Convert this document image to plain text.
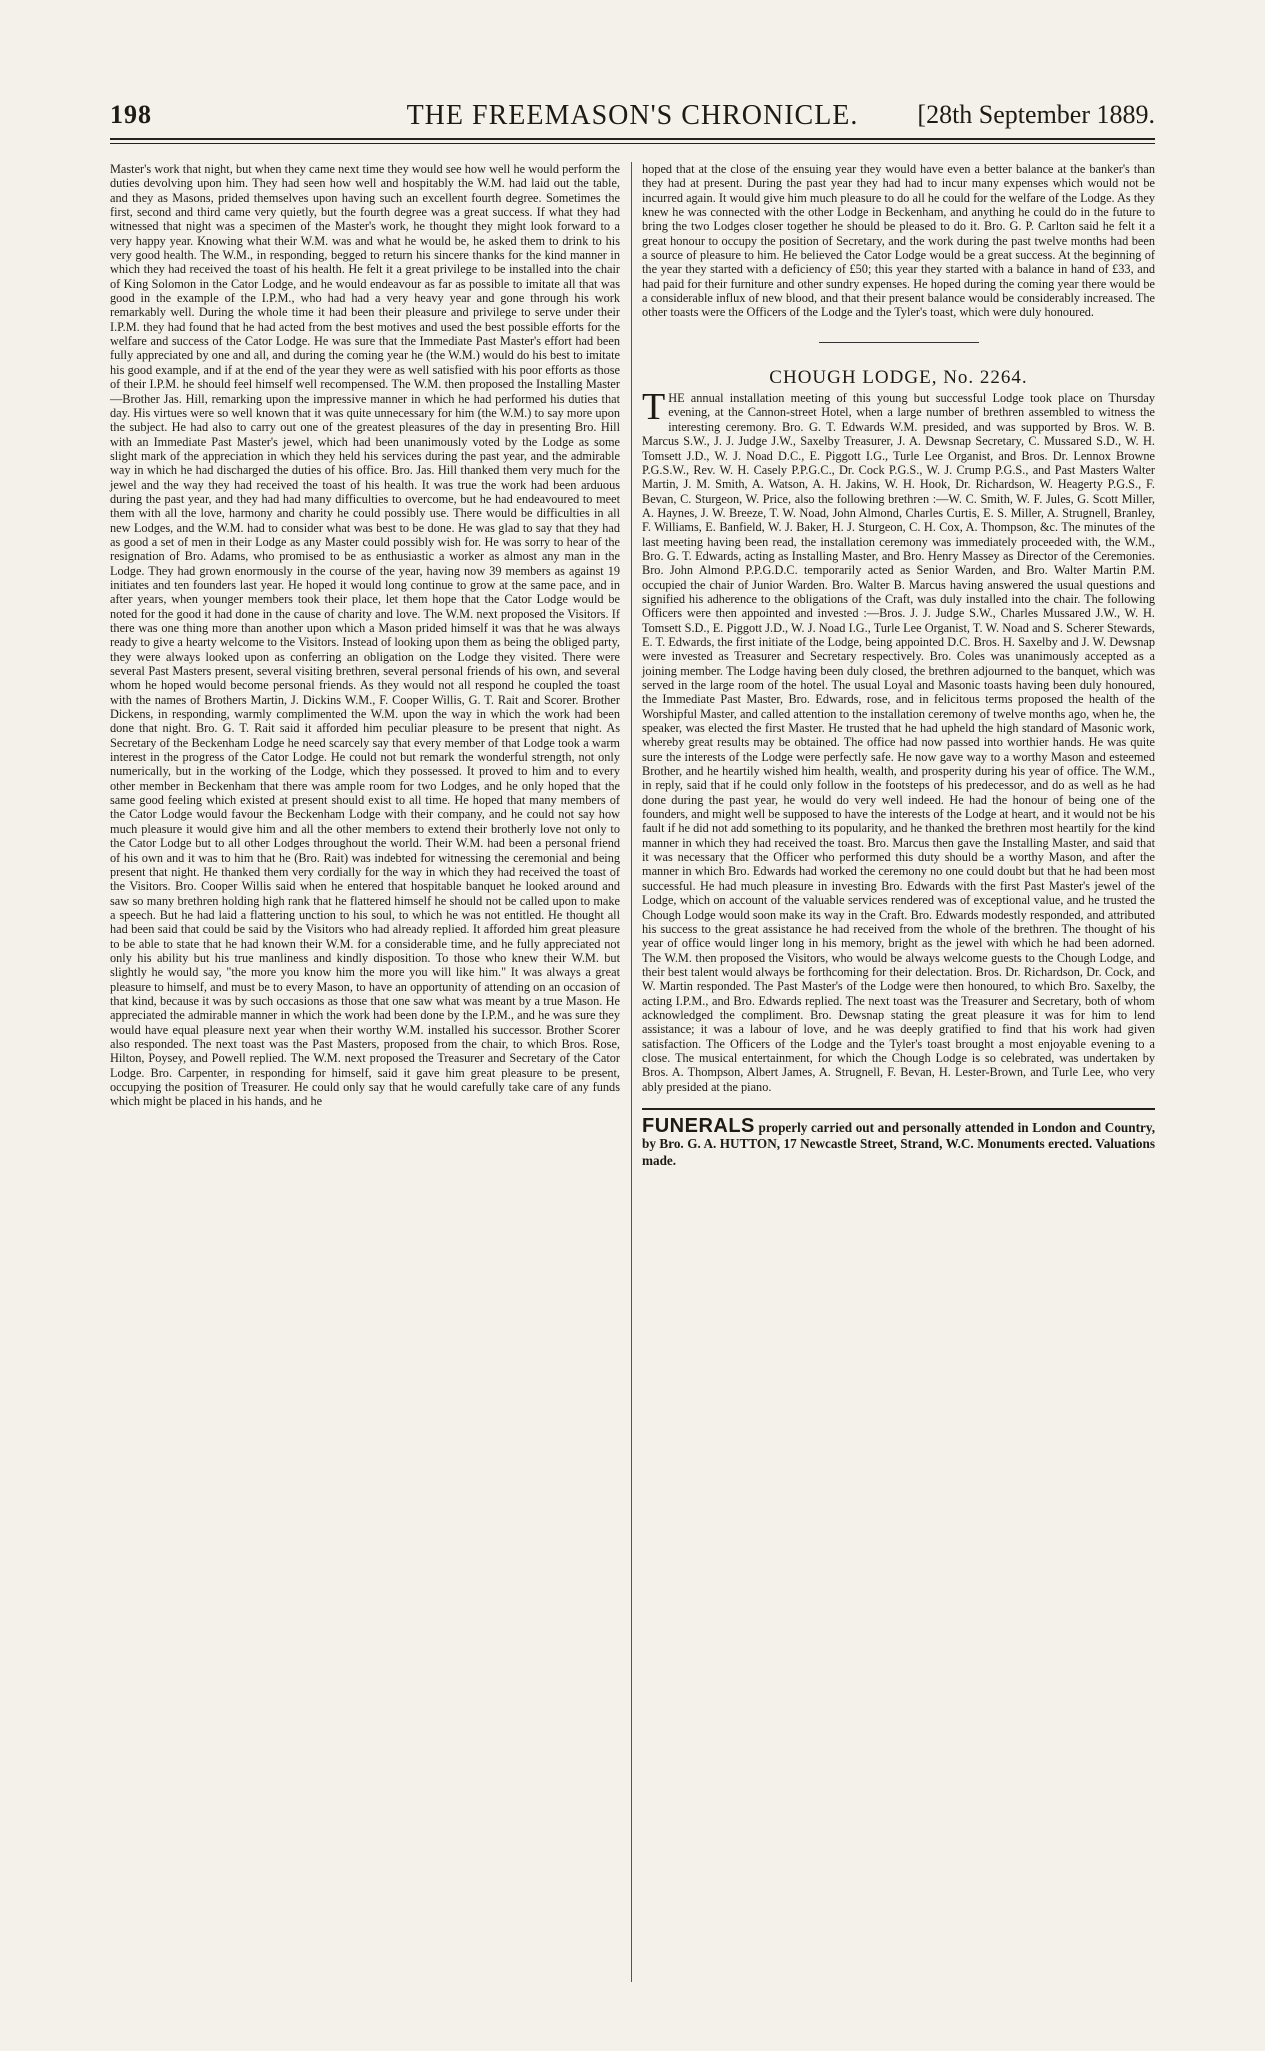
198	THE FREEMASON'S CHRONICLE.	[28th September 1889.

Master's work that night, but when they came next time they would see how well he would perform the duties devolving upon him. They had seen how well and hospitably the W.M. had laid out the table, and they as Masons, prided themselves upon having such an excellent fourth degree. Sometimes the first, second and third came very quietly, but the fourth degree was a great success. If what they had witnessed that night was a specimen of the Master's work, he thought they might look forward to a very happy year. Knowing what their W.M. was and what he would be, he asked them to drink to his very good health. The W.M., in responding, begged to return his sincere thanks for the kind manner in which they had received the toast of his health. He felt it a great privilege to be installed into the chair of King Solomon in the Cator Lodge, and he would endeavour as far as possible to imitate all that was good in the example of the I.P.M., who had had a very heavy year and gone through his work remarkably well. During the whole time it had been their pleasure and privilege to serve under their I.P.M. they had found that he had acted from the best motives and used the best possible efforts for the welfare and success of the Cator Lodge. He was sure that the Immediate Past Master's effort had been fully appreciated by one and all, and during the coming year he (the W.M.) would do his best to imitate his good example, and if at the end of the year they were as well satisfied with his poor efforts as those of their I.P.M. he should feel himself well recompensed. The W.M. then proposed the Installing Master—Brother Jas. Hill, remarking upon the impressive manner in which he had performed his duties that day. His virtues were so well known that it was quite unnecessary for him (the W.M.) to say more upon the subject. He had also to carry out one of the greatest pleasures of the day in presenting Bro. Hill with an Immediate Past Master's jewel, which had been unanimously voted by the Lodge as some slight mark of the appreciation in which they held his services during the past year, and the admirable way in which he had discharged the duties of his office. Bro. Jas. Hill thanked them very much for the jewel and the way they had received the toast of his health. It was true the work had been arduous during the past year, and they had had many difficulties to overcome, but he had endeavoured to meet them with all the love, harmony and charity he could possibly use. There would be difficulties in all new Lodges, and the W.M. had to consider what was best to be done. He was glad to say that they had as good a set of men in their Lodge as any Master could possibly wish for. He was sorry to hear of the resignation of Bro. Adams, who promised to be as enthusiastic a worker as almost any man in the Lodge. They had grown enormously in the course of the year, having now 39 members as against 19 initiates and ten founders last year. He hoped it would long continue to grow at the same pace, and in after years, when younger members took their place, let them hope that the Cator Lodge would be noted for the good it had done in the cause of charity and love. The W.M. next proposed the Visitors. If there was one thing more than another upon which a Mason prided himself it was that he was always ready to give a hearty welcome to the Visitors. Instead of looking upon them as being the obliged party, they were always looked upon as conferring an obligation on the Lodge they visited. There were several Past Masters present, several visiting brethren, several personal friends of his own, and several whom he hoped would become personal friends. As they would not all respond he coupled the toast with the names of Brothers Martin, J. Dickins W.M., F. Cooper Willis, G. T. Rait and Scorer. Brother Dickens, in responding, warmly complimented the W.M. upon the way in which the work had been done that night. Bro. G. T. Rait said it afforded him peculiar pleasure to be present that night. As Secretary of the Beckenham Lodge he need scarcely say that every member of that Lodge took a warm interest in the progress of the Cator Lodge. He could not but remark the wonderful strength, not only numerically, but in the working of the Lodge, which they possessed. It proved to him and to every other member in Beckenham that there was ample room for two Lodges, and he only hoped that the same good feeling which existed at present should exist to all time. He hoped that many members of the Cator Lodge would favour the Beckenham Lodge with their company, and he could not say how much pleasure it would give him and all the other members to extend their brotherly love not only to the Cator Lodge but to all other Lodges throughout the world. Their W.M. had been a personal friend of his own and it was to him that he (Bro. Rait) was indebted for witnessing the ceremonial and being present that night. He thanked them very cordially for the way in which they had received the toast of the Visitors. Bro. Cooper Willis said when he entered that hospitable banquet he looked around and saw so many brethren holding high rank that he flattered himself he should not be called upon to make a speech. But he had laid a flattering unction to his soul, to which he was not entitled. He thought all had been said that could be said by the Visitors who had already replied. It afforded him great pleasure to be able to state that he had known their W.M. for a considerable time, and he fully appreciated not only his ability but his true manliness and kindly disposition. To those who knew their W.M. but slightly he would say, "the more you know him the more you will like him." It was always a great pleasure to himself, and must be to every Mason, to have an opportunity of attending on an occasion of that kind, because it was by such occasions as those that one saw what was meant by a true Mason. He appreciated the admirable manner in which the work had been done by the I.P.M., and he was sure they would have equal pleasure next year when their worthy W.M. installed his successor. Brother Scorer also responded. The next toast was the Past Masters, proposed from the chair, to which Bros. Rose, Hilton, Poysey, and Powell replied. The W.M. next proposed the Treasurer and Secretary of the Cator Lodge. Bro. Carpenter, in responding for himself, said it gave him great pleasure to be present, occupying the position of Treasurer. He could only say that he would carefully take care of any funds which might be placed in his hands, and he

hoped that at the close of the ensuing year they would have even a better balance at the banker's than they had at present. During the past year they had had to incur many expenses which would not be incurred again. It would give him much pleasure to do all he could for the welfare of the Lodge. As they knew he was connected with the other Lodge in Beckenham, and anything he could do in the future to bring the two Lodges closer together he should be pleased to do it. Bro. G. P. Carlton said he felt it a great honour to occupy the position of Secretary, and the work during the past twelve months had been a source of pleasure to him. He believed the Cator Lodge would be a great success. At the beginning of the year they started with a deficiency of £50; this year they started with a balance in hand of £33, and had paid for their furniture and other sundry expenses. He hoped during the coming year there would be a considerable influx of new blood, and that their present balance would be considerably increased. The other toasts were the Officers of the Lodge and the Tyler's toast, which were duly honoured.

CHOUGH LODGE, No. 2264.

THE annual installation meeting of this young but successful Lodge took place on Thursday evening, at the Cannon-street Hotel, when a large number of brethren assembled to witness the interesting ceremony. Bro. G. T. Edwards W.M. presided, and was supported by Bros. W. B. Marcus S.W., J. J. Judge J.W., Saxelby Treasurer, J. A. Dewsnap Secretary, C. Mussared S.D., W. H. Tomsett J.D., W. J. Noad D.C., E. Piggott I.G., Turle Lee Organist, and Bros. Dr. Lennox Browne P.G.S.W., Rev. W. H. Casely P.P.G.C., Dr. Cock P.G.S., W. J. Crump P.G.S., and Past Masters Walter Martin, J. M. Smith, A. Watson, A. H. Jakins, W. H. Hook, Dr. Richardson, W. Heagerty P.G.S., F. Bevan, C. Sturgeon, W. Price, also the following brethren :—W. C. Smith, W. F. Jules, G. Scott Miller, A. Haynes, J. W. Breeze, T. W. Noad, John Almond, Charles Curtis, E. S. Miller, A. Strugnell, Branley, F. Williams, E. Banfield, W. J. Baker, H. J. Sturgeon, C. H. Cox, A. Thompson, &c. The minutes of the last meeting having been read, the installation ceremony was immediately proceeded with, the W.M., Bro. G. T. Edwards, acting as Installing Master, and Bro. Henry Massey as Director of the Ceremonies. Bro. John Almond P.P.G.D.C. temporarily acted as Senior Warden, and Bro. Walter Martin P.M. occupied the chair of Junior Warden. Bro. Walter B. Marcus having answered the usual questions and signified his adherence to the obligations of the Craft, was duly installed into the chair. The following Officers were then appointed and invested :—Bros. J. J. Judge S.W., Charles Mussared J.W., W. H. Tomsett S.D., E. Piggott J.D., W. J. Noad I.G., Turle Lee Organist, T. W. Noad and S. Scherer Stewards, E. T. Edwards, the first initiate of the Lodge, being appointed D.C. Bros. H. Saxelby and J. W. Dewsnap were invested as Treasurer and Secretary respectively. Bro. Coles was unanimously accepted as a joining member. The Lodge having been duly closed, the brethren adjourned to the banquet, which was served in the large room of the hotel. The usual Loyal and Masonic toasts having been duly honoured, the Immediate Past Master, Bro. Edwards, rose, and in felicitous terms proposed the health of the Worshipful Master, and called attention to the installation ceremony of twelve months ago, when he, the speaker, was elected the first Master. He trusted that he had upheld the high standard of Masonic work, whereby great results may be obtained. The office had now passed into worthier hands. He was quite sure the interests of the Lodge were perfectly safe. He now gave way to a worthy Mason and esteemed Brother, and he heartily wished him health, wealth, and prosperity during his year of office. The W.M., in reply, said that if he could only follow in the footsteps of his predecessor, and do as well as he had done during the past year, he would do very well indeed. He had the honour of being one of the founders, and might well be supposed to have the interests of the Lodge at heart, and it would not be his fault if he did not add something to its popularity, and he thanked the brethren most heartily for the kind manner in which they had received the toast. Bro. Marcus then gave the Installing Master, and said that it was necessary that the Officer who performed this duty should be a worthy Mason, and after the manner in which Bro. Edwards had worked the ceremony no one could doubt but that he had been most successful. He had much pleasure in investing Bro. Edwards with the first Past Master's jewel of the Lodge, which on account of the valuable services rendered was of exceptional value, and he trusted the Chough Lodge would soon make its way in the Craft. Bro. Edwards modestly responded, and attributed his success to the great assistance he had received from the whole of the brethren. The thought of his year of office would linger long in his memory, bright as the jewel with which he had been adorned. The W.M. then proposed the Visitors, who would be always welcome guests to the Chough Lodge, and their best talent would always be forthcoming for their delectation. Bros. Dr. Richardson, Dr. Cock, and W. Martin responded. The Past Master's of the Lodge were then honoured, to which Bro. Saxelby, the acting I.P.M., and Bro. Edwards replied. The next toast was the Treasurer and Secretary, both of whom acknowledged the compliment. Bro. Dewsnap stating the great pleasure it was for him to lend assistance; it was a labour of love, and he was deeply gratified to find that his work had given satisfaction. The Officers of the Lodge and the Tyler's toast brought a most enjoyable evening to a close. The musical entertainment, for which the Chough Lodge is so celebrated, was undertaken by Bros. A. Thompson, Albert James, A. Strugnell, F. Bevan, H. Lester-Brown, and Turle Lee, who very ably presided at the piano.

FUNERALS properly carried out and personally attended in London and Country, by Bro. G. A. HUTTON, 17 Newcastle Street, Strand, W.C. Monuments erected. Valuations made.
